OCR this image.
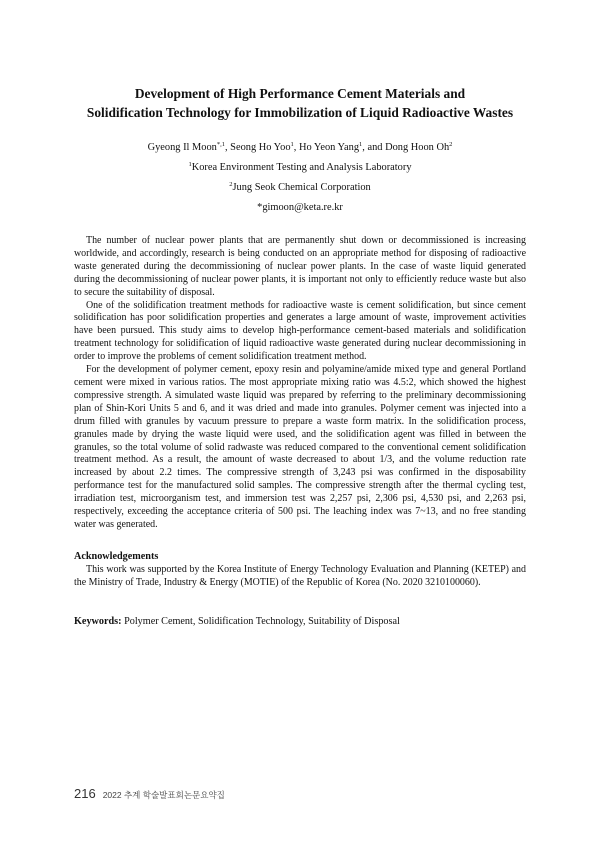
Development of High Performance Cement Materials and
Solidification Technology for Immobilization of Liquid Radioactive Wastes
Gyeong Il Moon$^{*,1}$, Seong Ho Yoo$^1$, Ho Yeon Yang$^1$, and Dong Hoon Oh$^2$
$^1$Korea Environment Testing and Analysis Laboratory
$^2$Jung Seok Chemical Corporation
*gimoon@keta.re.kr

The number of nuclear power plants that are permanently shut down or decommissioned is increasing worldwide, and accordingly, research is being conducted on an appropriate method for disposing of radioactive waste generated during the decommissioning of nuclear power plants. In the case of waste liquid generated during the decommissioning of nuclear power plants, it is important not only to efficiently reduce waste but also to secure the suitability of disposal.

One of the solidification treatment methods for radioactive waste is cement solidification, but since cement solidification has poor solidification properties and generates a large amount of waste, improvement activities have been pursued. This study aims to develop high-performance cement-based materials and solidification treatment technology for solidification of liquid radioactive waste generated during nuclear decommissioning in order to improve the problems of cement solidification treatment method.

For the development of polymer cement, epoxy resin and polyamine/amide mixed type and general Portland cement were mixed in various ratios. The most appropriate mixing ratio was 4.5:2, which showed the highest compressive strength. A simulated waste liquid was prepared by referring to the preliminary decommissioning plan of Shin-Kori Units 5 and 6, and it was dried and made into granules. Polymer cement was injected into a drum filled with granules by vacuum pressure to prepare a waste form matrix. In the solidification process, granules made by drying the waste liquid were used, and the solidification agent was filled in between the granules, so the total volume of solid radwaste was reduced compared to the conventional cement solidification treatment method. As a result, the amount of waste decreased to about 1/3, and the volume reduction rate increased by about 2.2 times. The compressive strength of 3,243 psi was confirmed in the disposability performance test for the manufactured solid samples. The compressive strength after the thermal cycling test, irradiation test, microorganism test, and immersion test was 2,257 psi, 2,306 psi, 4,530 psi, and 2,263 psi, respectively, exceeding the acceptance criteria of 500 psi. The leaching index was 7~13, and no free standing water was generated.

Acknowledgements

This work was supported by the Korea Institute of Energy Technology Evaluation and Planning (KETEP) and the Ministry of Trade, Industry & Energy (MOTIE) of the Republic of Korea (No. 2020 3210100060).

Keywords: Polymer Cement, Solidification Technology, Suitability of Disposal
216 2022 추계 학술발표회논문요약집
